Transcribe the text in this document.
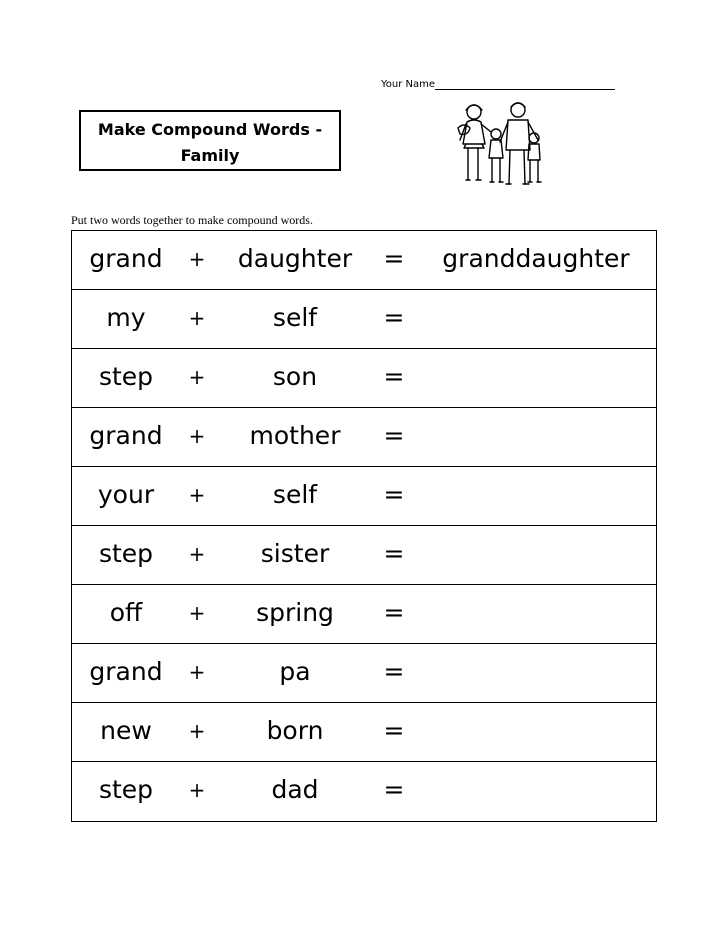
Your Name
Make Compound Words -
Family
Put two words together to make compound words.
grand	+	daughter	=	granddaughter
my	+	self	=
step	+	son	=
grand	+	mother	=
your	+	self	=
step	+	sister	=
off	+	spring	=
grand	+	pa	=
new	+	born	=
step	+	dad	=
